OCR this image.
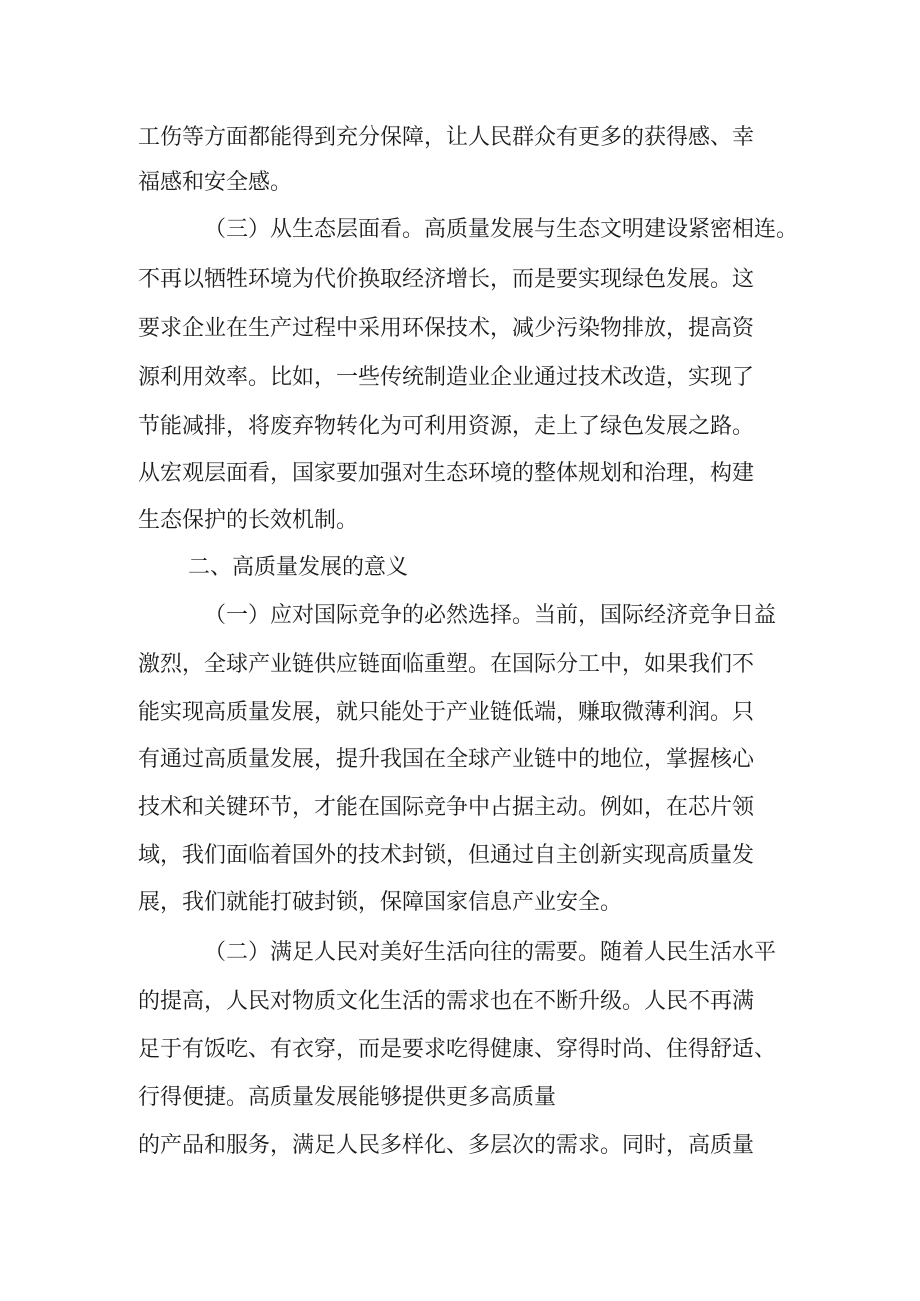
工伤等方面都能得到充分保障，让人民群众有更多的获得感、幸
福感和安全感。
（三）从生态层面看。高质量发展与生态文明建设紧密相连。
不再以牺牲环境为代价换取经济增长，而是要实现绿色发展。这
要求企业在生产过程中采用环保技术，减少污染物排放，提高资
源利用效率。比如，一些传统制造业企业通过技术改造，实现了
节能减排，将废弃物转化为可利用资源，走上了绿色发展之路。
从宏观层面看，国家要加强对生态环境的整体规划和治理，构建
生态保护的长效机制。
二、高质量发展的意义
（一）应对国际竞争的必然选择。当前，国际经济竞争日益
激烈，全球产业链供应链面临重塑。在国际分工中，如果我们不
能实现高质量发展，就只能处于产业链低端，赚取微薄利润。只
有通过高质量发展，提升我国在全球产业链中的地位，掌握核心
技术和关键环节，才能在国际竞争中占据主动。例如，在芯片领
域，我们面临着国外的技术封锁，但通过自主创新实现高质量发
展，我们就能打破封锁，保障国家信息产业安全。
（二）满足人民对美好生活向往的需要。随着人民生活水平
的提高，人民对物质文化生活的需求也在不断升级。人民不再满
足于有饭吃、有衣穿，而是要求吃得健康、穿得时尚、住得舒适、
行得便捷。高质量发展能够提供更多高质量
的产品和服务，满足人民多样化、多层次的需求。同时，高质量
